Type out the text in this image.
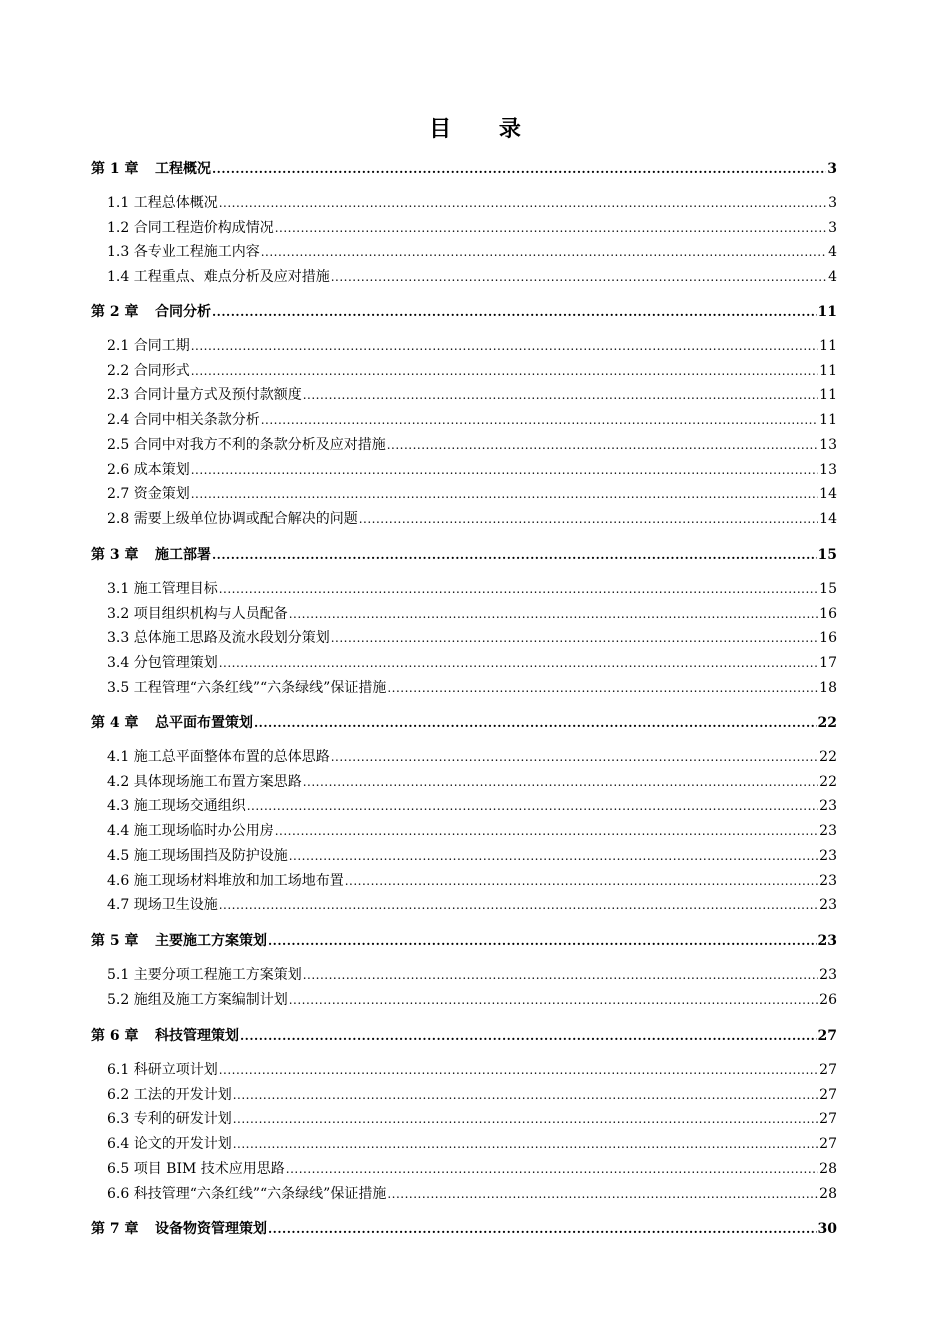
目 录
第 1 章 工程概况 .....	3
1.1 工程总体概况 .....	3
1.2 合同工程造价构成情况 .....	3
1.3 各专业工程施工内容 .....	4
1.4 工程重点、难点分析及应对措施 .....	4
第 2 章 合同分析 .....	11
2.1 合同工期 .....	11
2.2 合同形式 .....	11
2.3 合同计量方式及预付款额度 .....	11
2.4 合同中相关条款分析 .....	11
2.5 合同中对我方不利的条款分析及应对措施 .....	13
2.6 成本策划 .....	13
2.7 资金策划 .....	14
2.8 需要上级单位协调或配合解决的问题 .....	14
第 3 章 施工部署 .....	15
3.1 施工管理目标 .....	15
3.2 项目组织机构与人员配备 .....	16
3.3 总体施工思路及流水段划分策划 .....	16
3.4 分包管理策划 .....	17
3.5 工程管理“六条红线”“六条绿线”保证措施 .....	18
第 4 章 总平面布置策划 .....	22
4.1 施工总平面整体布置的总体思路 .....	22
4.2 具体现场施工布置方案思路 .....	22
4.3 施工现场交通组织 .....	23
4.4 施工现场临时办公用房 .....	23
4.5 施工现场围挡及防护设施 .....	23
4.6 施工现场材料堆放和加工场地布置 .....	23
4.7 现场卫生设施 .....	23
第 5 章 主要施工方案策划 .....	23
5.1 主要分项工程施工方案策划 .....	23
5.2 施组及施工方案编制计划 .....	26
第 6 章 科技管理策划 .....	27
6.1 科研立项计划 .....	27
6.2 工法的开发计划 .....	27
6.3 专利的研发计划 .....	27
6.4 论文的开发计划 .....	27
6.5 项目 BIM 技术应用思路 .....	28
6.6 科技管理“六条红线”“六条绿线”保证措施 .....	28
第 7 章 设备物资管理策划 .....	30
